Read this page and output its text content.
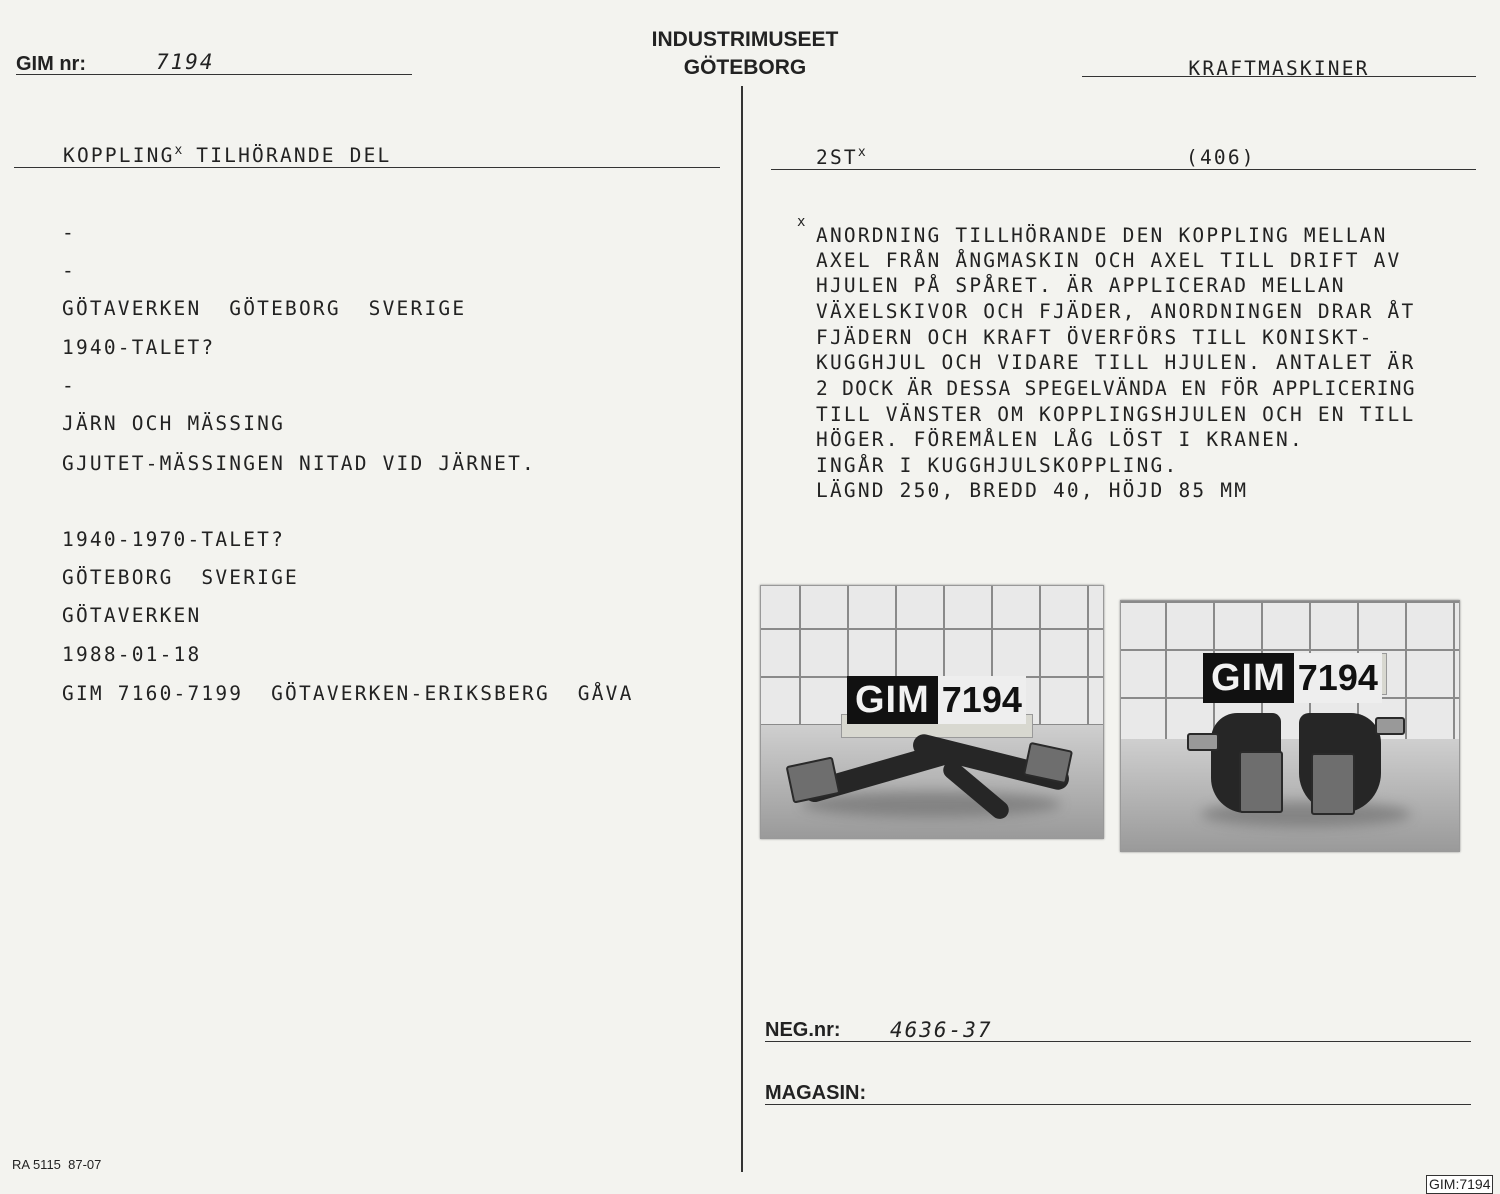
GIM nr:	7194
INDUSTRIMUSEET
GÖTEBORG	KRAFTMASKINER
KOPPLING$^x$ TILHÖRANDE DEL	$2ST^x$	(406)
-
-
GÖTAVERKEN  GÖTEBORG  SVERIGE
1940-TALET?
-
JÄRN OCH MÄSSING
GJUTET-MÄSSINGEN NITAD VID JÄRNET.
1940-1970-TALET?
GÖTEBORG  SVERIGE
GÖTAVERKEN
1988-01-18
GIM 7160-7199  GÖTAVERKEN-ERIKSBERG  GÅVA
x
ANORDNING TILLHÖRANDE DEN KOPPLING MELLAN
AXEL FRÅN ÅNGMASKIN OCH AXEL TILL DRIFT AV
HJULEN PÅ SPÅRET. ÄR APPLICERAD MELLAN
VÄXELSKIVOR OCH FJÄDER, ANORDNINGEN DRAR ÅT
FJÄDERN OCH KRAFT ÖVERFÖRS TILL KONISKT-
KUGGHJUL OCH VIDARE TILL HJULEN. ANTALET ÄR
2 DOCK ÄR DESSA SPEGELVÄNDA EN FÖR APPLICERING
TILL VÄNSTER OM KOPPLINGSHJULEN OCH EN TILL
HÖGER. FÖREMÅLEN LÅG LÖST I KRANEN.
INGÅR I KUGGHJULSKOPPLING.
LÄGND 250, BREDD 40, HÖJD 85 MM
GIM 7194
GIM 7194
NEG.nr: 4636-37
MAGASIN:
RA 5115  87-07
GIM:7194
